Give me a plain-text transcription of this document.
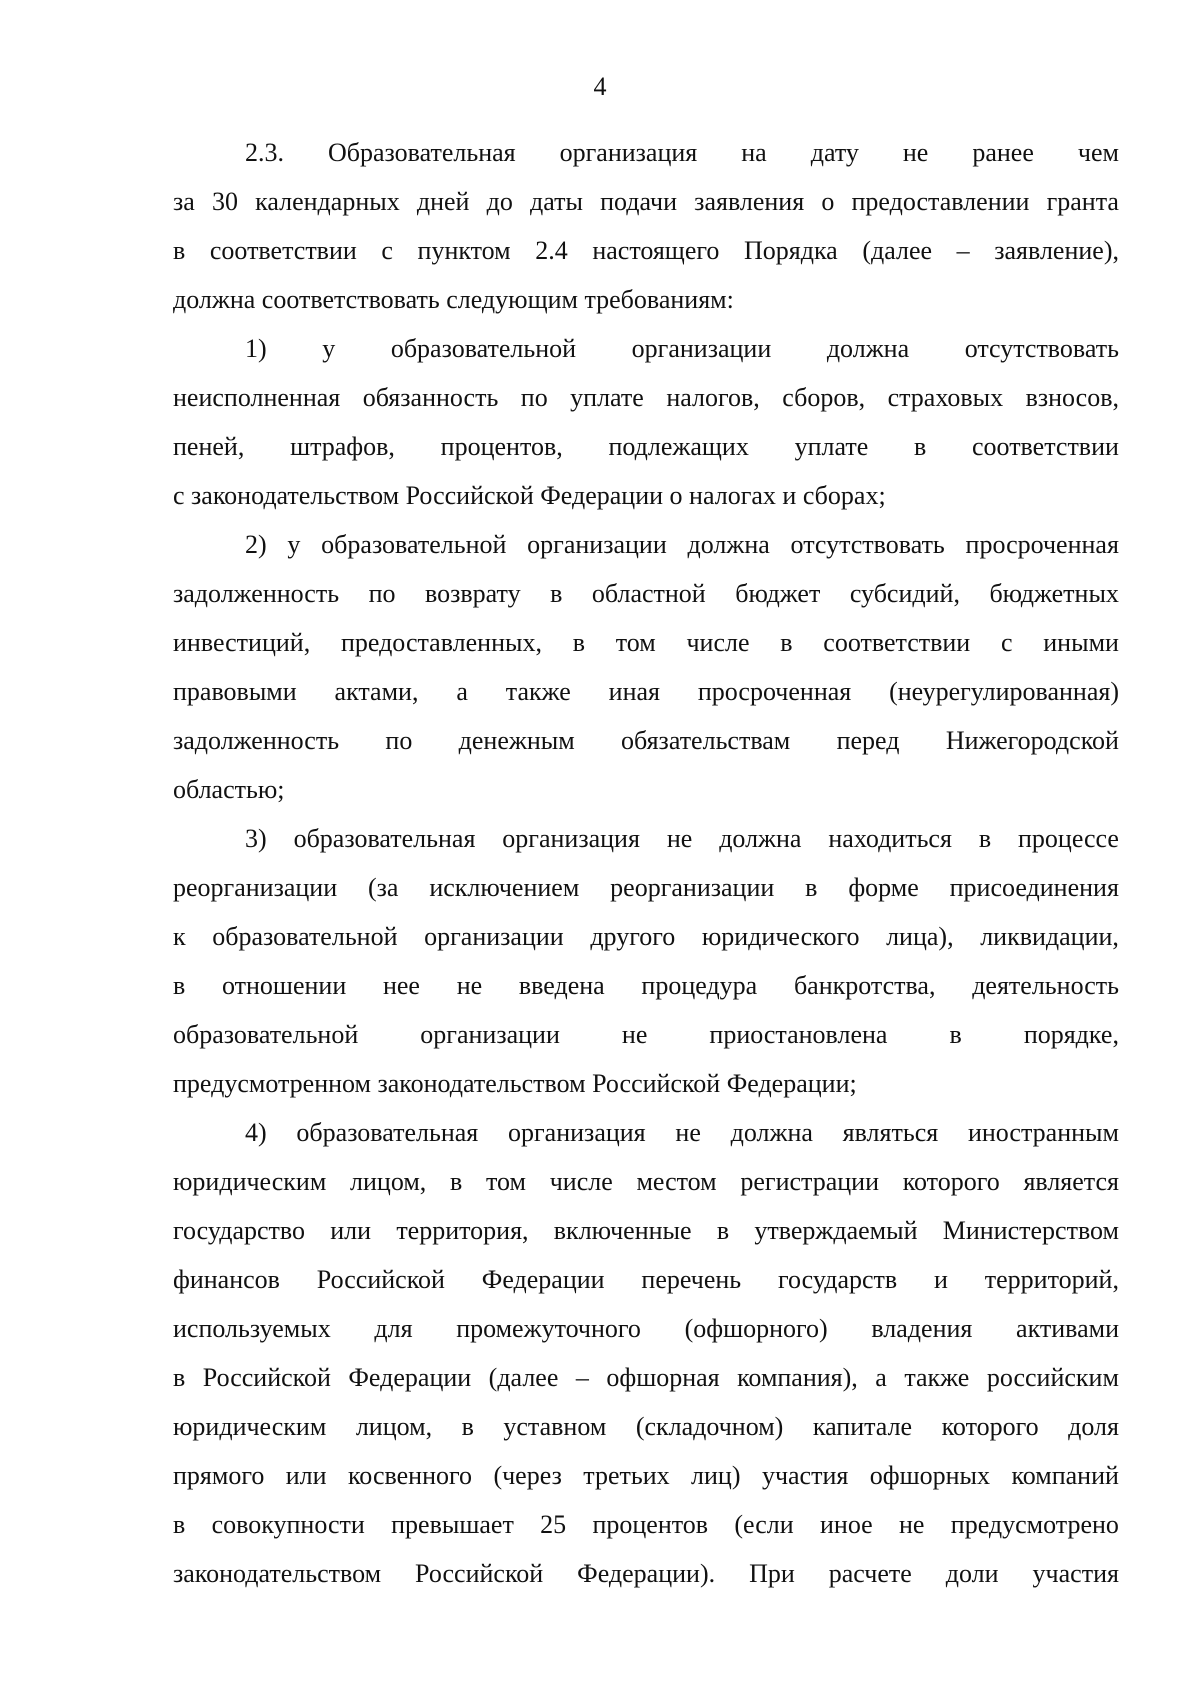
4
2.3. Образовательная организация на дату не ранее чем
за 30 календарных дней до даты подачи заявления о предоставлении гранта
в соответствии с пунктом 2.4 настоящего Порядка (далее – заявление),
должна соответствовать следующим требованиям:
1) у образовательной организации должна отсутствовать
неисполненная обязанность по уплате налогов, сборов, страховых взносов,
пеней, штрафов, процентов, подлежащих уплате в соответствии
с законодательством Российской Федерации о налогах и сборах;
2) у образовательной организации должна отсутствовать просроченная
задолженность по возврату в областной бюджет субсидий, бюджетных
инвестиций, предоставленных, в том числе в соответствии с иными
правовыми актами, а также иная просроченная (неурегулированная)
задолженность по денежным обязательствам перед Нижегородской
областью;
3) образовательная организация не должна находиться в процессе
реорганизации (за исключением реорганизации в форме присоединения
к образовательной организации другого юридического лица), ликвидации,
в отношении нее не введена процедура банкротства, деятельность
образовательной организации не приостановлена в порядке,
предусмотренном законодательством Российской Федерации;
4) образовательная организация не должна являться иностранным
юридическим лицом, в том числе местом регистрации которого является
государство или территория, включенные в утверждаемый Министерством
финансов Российской Федерации перечень государств и территорий,
используемых для промежуточного (офшорного) владения активами
в Российской Федерации (далее – офшорная компания), а также российским
юридическим лицом, в уставном (складочном) капитале которого доля
прямого или косвенного (через третьих лиц) участия офшорных компаний
в совокупности превышает 25 процентов (если иное не предусмотрено
законодательством Российской Федерации). При расчете доли участия
